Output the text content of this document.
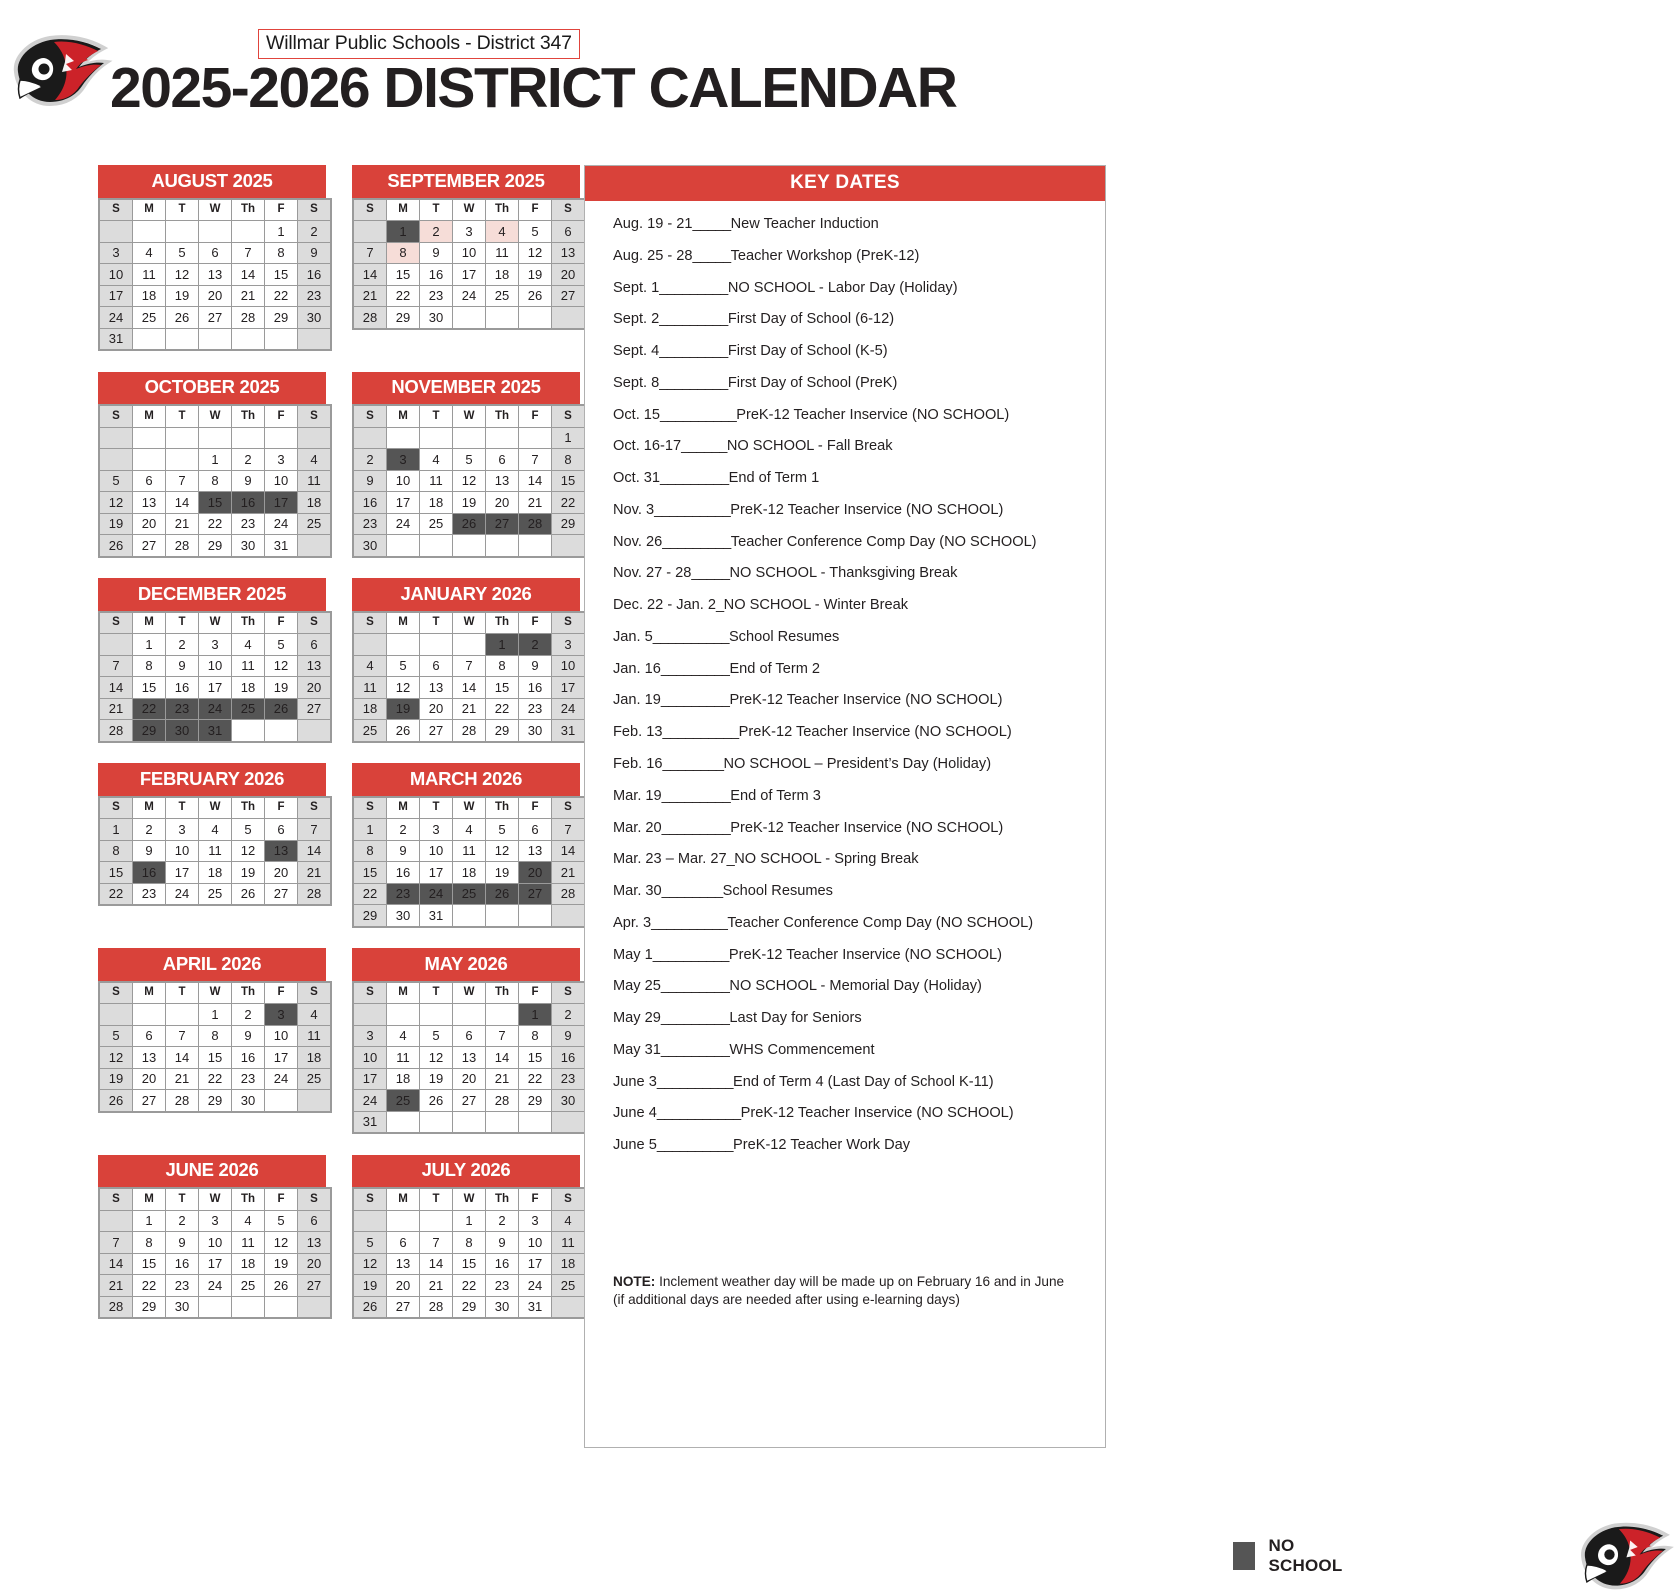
Willmar Public Schools - District 347
2025-2026 DISTRICT CALENDAR
AUGUST 2025
S	M	T	W	Th	F	S
					1	2
3	4	5	6	7	8	9
10	11	12	13	14	15	16
17	18	19	20	21	22	23
24	25	26	27	28	29	30
31						
SEPTEMBER 2025
S	M	T	W	Th	F	S
	1	2	3	4	5	6
7	8	9	10	11	12	13
14	15	16	17	18	19	20
21	22	23	24	25	26	27
28	29	30				
OCTOBER 2025
S	M	T	W	Th	F	S

			1	2	3	4
5	6	7	8	9	10	11
12	13	14	15	16	17	18
19	20	21	22	23	24	25
26	27	28	29	30	31	
NOVEMBER 2025
S	M	T	W	Th	F	S
						1
2	3	4	5	6	7	8
9	10	11	12	13	14	15
16	17	18	19	20	21	22
23	24	25	26	27	28	29
30						
DECEMBER 2025
S	M	T	W	Th	F	S
	1	2	3	4	5	6
7	8	9	10	11	12	13
14	15	16	17	18	19	20
21	22	23	24	25	26	27
28	29	30	31			
JANUARY 2026
S	M	T	W	Th	F	S
				1	2	3
4	5	6	7	8	9	10
11	12	13	14	15	16	17
18	19	20	21	22	23	24
25	26	27	28	29	30	31
FEBRUARY 2026
S	M	T	W	Th	F	S
1	2	3	4	5	6	7
8	9	10	11	12	13	14
15	16	17	18	19	20	21
22	23	24	25	26	27	28
MARCH 2026
S	M	T	W	Th	F	S
1	2	3	4	5	6	7
8	9	10	11	12	13	14
15	16	17	18	19	20	21
22	23	24	25	26	27	28
29	30	31				
APRIL 2026
S	M	T	W	Th	F	S
			1	2	3	4
5	6	7	8	9	10	11
12	13	14	15	16	17	18
19	20	21	22	23	24	25
26	27	28	29	30		
MAY 2026
S	M	T	W	Th	F	S
					1	2
3	4	5	6	7	8	9
10	11	12	13	14	15	16
17	18	19	20	21	22	23
24	25	26	27	28	29	30
31						
JUNE 2026
S	M	T	W	Th	F	S
	1	2	3	4	5	6
7	8	9	10	11	12	13
14	15	16	17	18	19	20
21	22	23	24	25	26	27
28	29	30				
JULY 2026
S	M	T	W	Th	F	S
			1	2	3	4
5	6	7	8	9	10	11
12	13	14	15	16	17	18
19	20	21	22	23	24	25
26	27	28	29	30	31	
KEY DATES
Aug. 19 - 21 _____ New Teacher Induction
Aug. 25 - 28 _____ Teacher Workshop (PreK-12)
Sept. 1 _________ NO SCHOOL - Labor Day (Holiday)
Sept. 2 _________ First Day of School (6-12)
Sept. 4 _________ First Day of School (K-5)
Sept. 8 _________ First Day of School (PreK)
Oct. 15 __________ PreK-12 Teacher Inservice (NO SCHOOL)
Oct. 16-17 ______ NO SCHOOL - Fall Break
Oct. 31 _________ End of Term 1
Nov. 3 __________ PreK-12 Teacher Inservice (NO SCHOOL)
Nov. 26 _________ Teacher Conference Comp Day (NO SCHOOL)
Nov. 27 - 28 _____ NO SCHOOL - Thanksgiving Break
Dec. 22 - Jan. 2 _ NO SCHOOL - Winter Break
Jan. 5 __________ School Resumes
Jan. 16 _________ End of Term 2
Jan. 19 _________ PreK-12 Teacher Inservice (NO SCHOOL)
Feb. 13 __________ PreK-12 Teacher Inservice (NO SCHOOL)
Feb. 16 ________ NO SCHOOL – President’s Day (Holiday)
Mar. 19 _________ End of Term 3
Mar. 20 _________ PreK-12 Teacher Inservice (NO SCHOOL)
Mar. 23 – Mar. 27 _ NO SCHOOL - Spring Break
Mar. 30 ________ School Resumes
Apr. 3 __________ Teacher Conference Comp Day (NO SCHOOL)
May 1 __________ PreK-12 Teacher Inservice (NO SCHOOL)
May 25 _________ NO SCHOOL - Memorial Day (Holiday)
May 29 _________ Last Day for Seniors
May 31 _________ WHS Commencement
June 3 __________ End of Term 4 (Last Day of School K-11)
June 4 ___________ PreK-12 Teacher Inservice (NO SCHOOL)
June 5 __________ PreK-12 Teacher Work Day
NOTE: Inclement weather day will be made up on February 16 and in June (if additional days are needed after using e-learning days)
NO SCHOOL
